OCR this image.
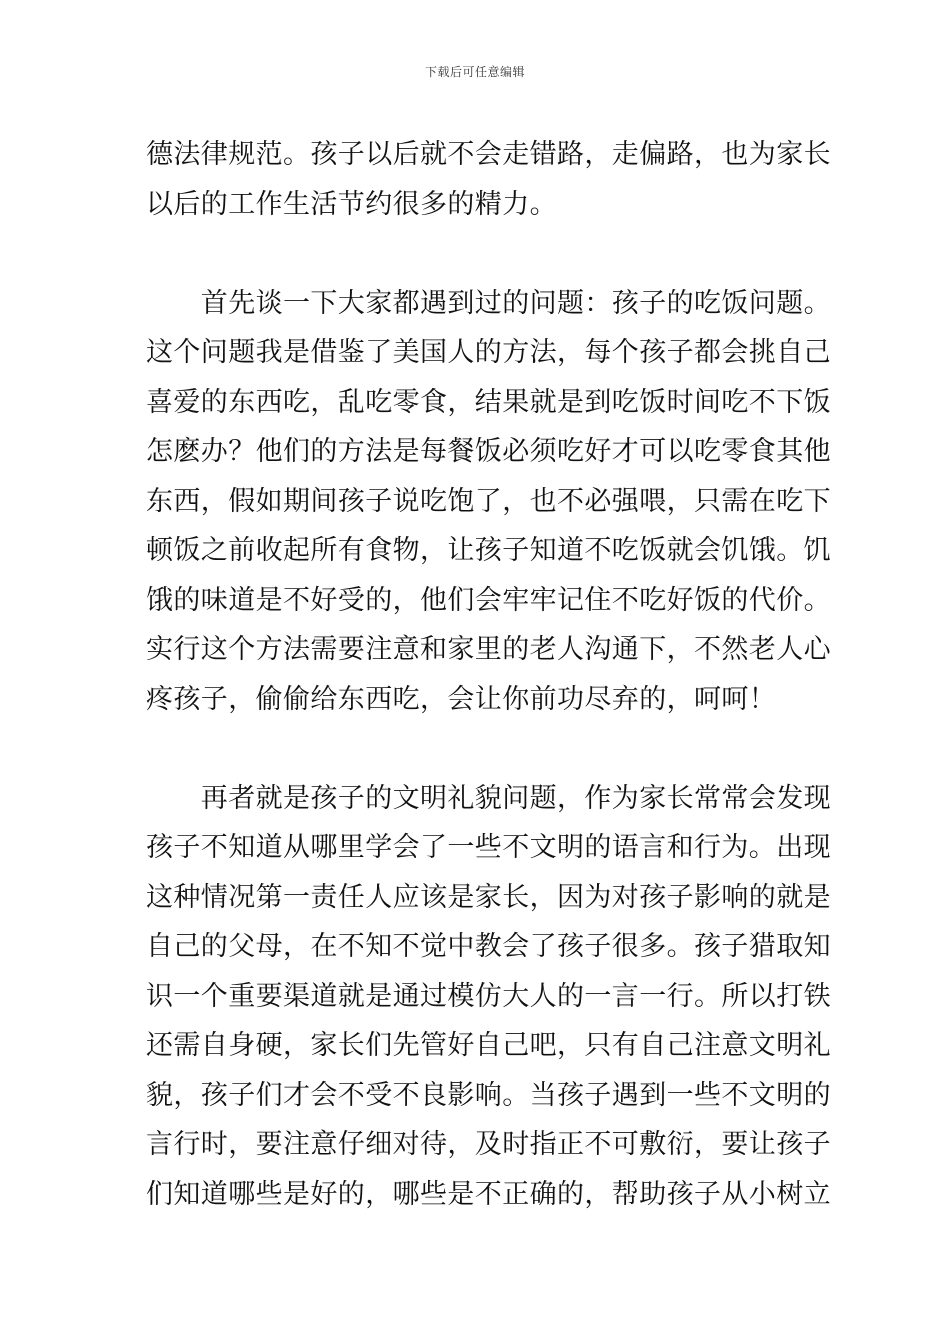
下载后可任意编辑
德法律规范。孩子以后就不会走错路，走偏路，也为家长
以后的工作生活节约很多的精力。
　　首先谈一下大家都遇到过的问题：孩子的吃饭问题。
这个问题我是借鉴了美国人的方法，每个孩子都会挑自己
喜爱的东西吃，乱吃零食，结果就是到吃饭时间吃不下饭
怎麽办？他们的方法是每餐饭必须吃好才可以吃零食其他
东西，假如期间孩子说吃饱了，也不必强喂，只需在吃下
顿饭之前收起所有食物，让孩子知道不吃饭就会饥饿。饥
饿的味道是不好受的，他们会牢牢记住不吃好饭的代价。
实行这个方法需要注意和家里的老人沟通下，不然老人心
疼孩子，偷偷给东西吃，会让你前功尽弃的，呵呵！
　　再者就是孩子的文明礼貌问题，作为家长常常会发现
孩子不知道从哪里学会了一些不文明的语言和行为。出现
这种情况第一责任人应该是家长，因为对孩子影响的就是
自己的父母，在不知不觉中教会了孩子很多。孩子猎取知
识一个重要渠道就是通过模仿大人的一言一行。所以打铁
还需自身硬，家长们先管好自己吧，只有自己注意文明礼
貌，孩子们才会不受不良影响。当孩子遇到一些不文明的
言行时，要注意仔细对待，及时指正不可敷衍，要让孩子
们知道哪些是好的，哪些是不正确的，帮助孩子从小树立
